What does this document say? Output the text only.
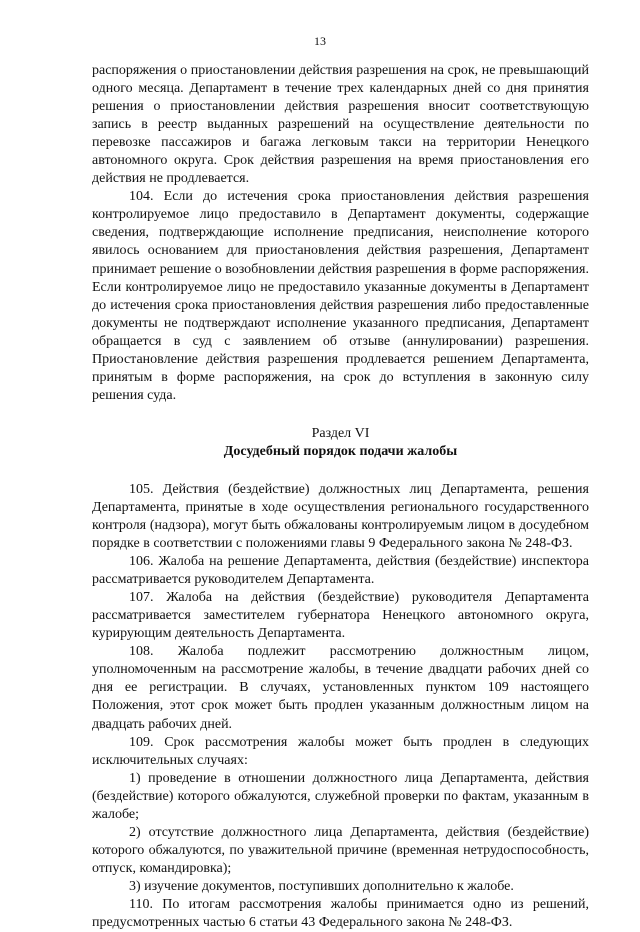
13

распоряжения о приостановлении действия разрешения на срок, не превышающий одного месяца. Департамент в течение трех календарных дней со дня принятия решения о приостановлении действия разрешения вносит соответствующую запись в реестр выданных разрешений на осуществление деятельности по перевозке пассажиров и багажа легковым такси на территории Ненецкого автономного округа. Срок действия разрешения на время приостановления его действия не продлевается.

104. Если до истечения срока приостановления действия разрешения контролируемое лицо предоставило в Департамент документы, содержащие сведения, подтверждающие исполнение предписания, неисполнение которого явилось основанием для приостановления действия разрешения, Департамент принимает решение о возобновлении действия разрешения в форме распоряжения. Если контролируемое лицо не предоставило указанные документы в Департамент до истечения срока приостановления действия разрешения либо предоставленные документы не подтверждают исполнение указанного предписания, Департамент обращается в суд с заявлением об отзыве (аннулировании) разрешения. Приостановление действия разрешения продлевается решением Департамента, принятым в форме распоряжения, на срок до вступления в законную силу решения суда.

Раздел VI

Досудебный порядок подачи жалобы

105. Действия (бездействие) должностных лиц Департамента, решения Департамента, принятые в ходе осуществления регионального государственного контроля (надзора), могут быть обжалованы контролируемым лицом в досудебном порядке в соответствии с положениями главы 9 Федерального закона № 248-ФЗ.

106. Жалоба на решение Департамента, действия (бездействие) инспектора рассматривается руководителем Департамента.

107. Жалоба на действия (бездействие) руководителя Департамента рассматривается заместителем губернатора Ненецкого автономного округа, курирующим деятельность Департамента.

108. Жалоба подлежит рассмотрению должностным лицом, уполномоченным на рассмотрение жалобы, в течение двадцати рабочих дней со дня ее регистрации. В случаях, установленных пунктом 109 настоящего Положения, этот срок может быть продлен указанным должностным лицом на двадцать рабочих дней.

109. Срок рассмотрения жалобы может быть продлен в следующих исключительных случаях:

1) проведение в отношении должностного лица Департамента, действия (бездействие) которого обжалуются, служебной проверки по фактам, указанным в жалобе;

2) отсутствие должностного лица Департамента, действия (бездействие) которого обжалуются, по уважительной причине (временная нетрудоспособность, отпуск, командировка);

3) изучение документов, поступивших дополнительно к жалобе.

110. По итогам рассмотрения жалобы принимается одно из решений, предусмотренных частью 6 статьи 43 Федерального закона № 248-ФЗ.
